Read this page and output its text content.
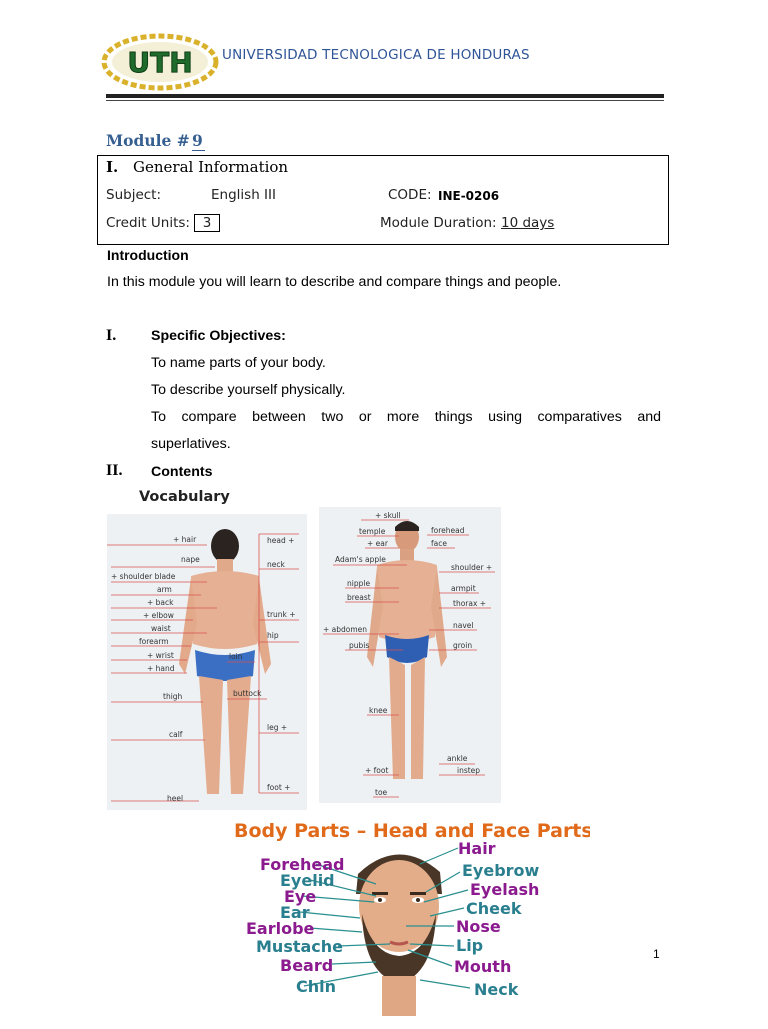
UTH UNIVERSIDAD TECNOLOGICA DE HONDURAS
Module # 9
I. General Information
Subject:	English III	CODE: INE-0206
Credit Units: 3	Module Duration: 10 days
Introduction
In this module you will learn to describe and compare things and people.
I. Specific Objectives:
To name parts of your body.
To describe yourself physically.
To compare between two or more things using comparatives and
superlatives.
II. Contents
Vocabulary
+ hair
nape
+ shoulder blade
arm
+ back
+ elbow
waist
forearm
+ wrist
+ hand
thigh
calf
heel
head +
neck
trunk +
hip
loin
buttock
leg +
foot +
+ skull
temple
+ ear
Adam's apple
nipple
breast
+ abdomen
pubis
knee
+ foot
toe
forehead
face
shoulder +
armpit
thorax +
navel
groin
ankle
instep
Body Parts – Head and Face Parts
Forehead
Eyelid
Eye
Ear
Earlobe
Mustache
Beard
Chin
Hair
Eyebrow
Eyelash
Cheek
Nose
Lip
Mouth
Neck
1
